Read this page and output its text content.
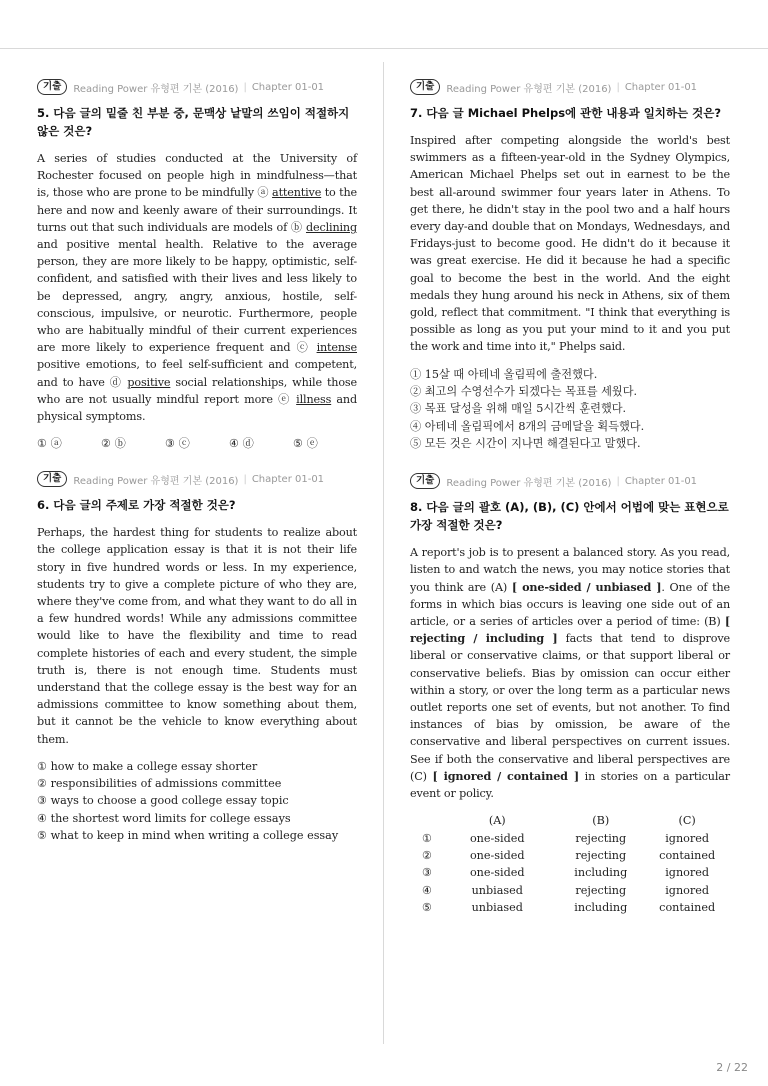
기출	Reading Power 유형편 기본 (2016) | Chapter 01-01
5. 다음 글의 밑줄 친 부분 중, 문맥상 낱말의 쓰임이 적절하지 않은 것은?

A series of studies conducted at the University of Rochester focused on people high in mindfulness—that is, those who are prone to be mindfully ⓐ attentive to the here and now and keenly aware of their surroundings. It turns out that such individuals are models of ⓑ declining and positive mental health. Relative to the average person, they are more likely to be happy, optimistic, self-confident, and satisfied with their lives and less likely to be depressed, angry, angry, anxious, hostile, self-conscious, impulsive, or neurotic. Furthermore, people who are habitually mindful of their current experiences are more likely to experience frequent and ⓒ intense positive emotions, to feel self-sufficient and competent, and to have ⓓ positive social relationships, while those who are not usually mindful report more ⓔ illness and physical symptoms.

① ⓐ	② ⓑ	③ ⓒ	④ ⓓ	⑤ ⓔ
기출	Reading Power 유형편 기본 (2016) | Chapter 01-01
6. 다음 글의 주제로 가장 적절한 것은?

Perhaps, the hardest thing for students to realize about the college application essay is that it is not their life story in five hundred words or less. In my experience, students try to give a complete picture of who they are, where they've come from, and what they want to do all in a few hundred words! While any admissions committee would like to have the flexibility and time to read complete histories of each and every student, the simple truth is, there is not enough time. Students must understand that the college essay is the best way for an admissions committee to know something about them, but it cannot be the vehicle to know everything about them.

① how to make a college essay shorter
② responsibilities of admissions committee
③ ways to choose a good college essay topic
④ the shortest word limits for college essays
⑤ what to keep in mind when writing a college essay
기출	Reading Power 유형편 기본 (2016) | Chapter 01-01
7. 다음 글 Michael Phelps에 관한 내용과 일치하는 것은?

Inspired after competing alongside the world's best swimmers as a fifteen-year-old in the Sydney Olympics, American Michael Phelps set out in earnest to be the best all-around swimmer four years later in Athens. To get there, he didn't stay in the pool two and a half hours every day-and double that on Mondays, Wednesdays, and Fridays-just to become good. He didn't do it because it was great exercise. He did it because he had a specific goal to become the best in the world. And the eight medals they hung around his neck in Athens, six of them gold, reflect that commitment. "I think that everything is possible as long as you put your mind to it and you put the work and time into it," Phelps said.

① 15살 때 아테네 올림픽에 출전했다.
② 최고의 수영선수가 되겠다는 목표를 세웠다.
③ 목표 달성을 위해 매일 5시간씩 훈련했다.
④ 아테네 올림픽에서 8개의 금메달을 획득했다.
⑤ 모든 것은 시간이 지나면 해결된다고 말했다.
기출	Reading Power 유형편 기본 (2016) | Chapter 01-01
8. 다음 글의 괄호 (A), (B), (C) 안에서 어법에 맞는 표현으로 가장 적절한 것은?

A report's job is to present a balanced story. As you read, listen to and watch the news, you may notice stories that you think are (A) [ one-sided / unbiased ]. One of the forms in which bias occurs is leaving one side out of an article, or a series of articles over a period of time: (B) [ rejecting / including ] facts that tend to disprove liberal or conservative claims, or that support liberal or conservative beliefs. Bias by omission can occur either within a story, or over the long term as a particular news outlet reports one set of events, but not another. To find instances of bias by omission, be aware of the conservative and liberal perspectives on current issues. See if both the conservative and liberal perspectives are (C) [ ignored / contained ] in stories on a particular event or policy.

	(A)	(B)	(C)
①	one-sided	rejecting	ignored
②	one-sided	rejecting	contained
③	one-sided	including	ignored
④	unbiased	rejecting	ignored
⑤	unbiased	including	contained
2 / 22
